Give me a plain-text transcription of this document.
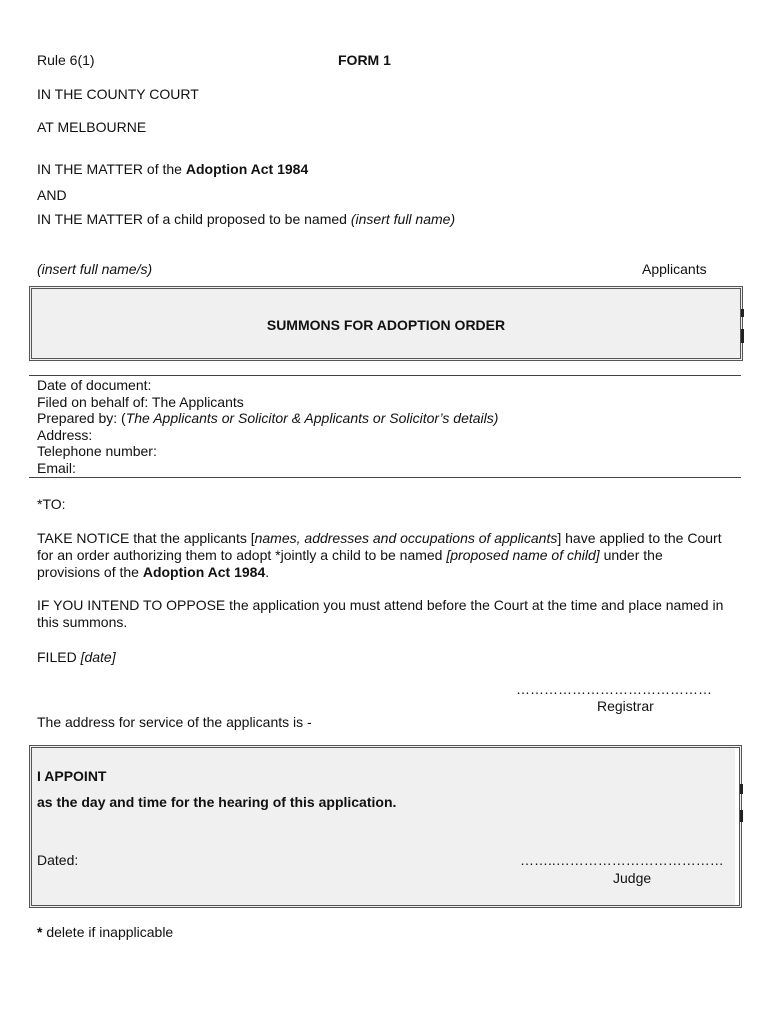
Rule 6(1)	FORM 1
IN THE COUNTY COURT
AT MELBOURNE
IN THE MATTER of the Adoption Act 1984
AND
IN THE MATTER of a child proposed to be named (insert full name)
(insert full name/s)	Applicants
SUMMONS FOR ADOPTION ORDER
Date of document:
Filed on behalf of: The Applicants
Prepared by: (The Applicants or Solicitor & Applicants or Solicitor’s details)
Address:
Telephone number:
Email:
*TO:
TAKE NOTICE that the applicants [names, addresses and occupations of applicants] have applied to the Court for an order authorizing them to adopt *jointly a child to be named [proposed name of child] under the provisions of the Adoption Act 1984.
IF YOU INTEND TO OPPOSE the application you must attend before the Court at the time and place named in this summons.
FILED [date]
……………………………………
Registrar
The address for service of the applicants is -
I APPOINT
as the day and time for the hearing of this application.
Dated:	……..………………………………
Judge
* delete if inapplicable
